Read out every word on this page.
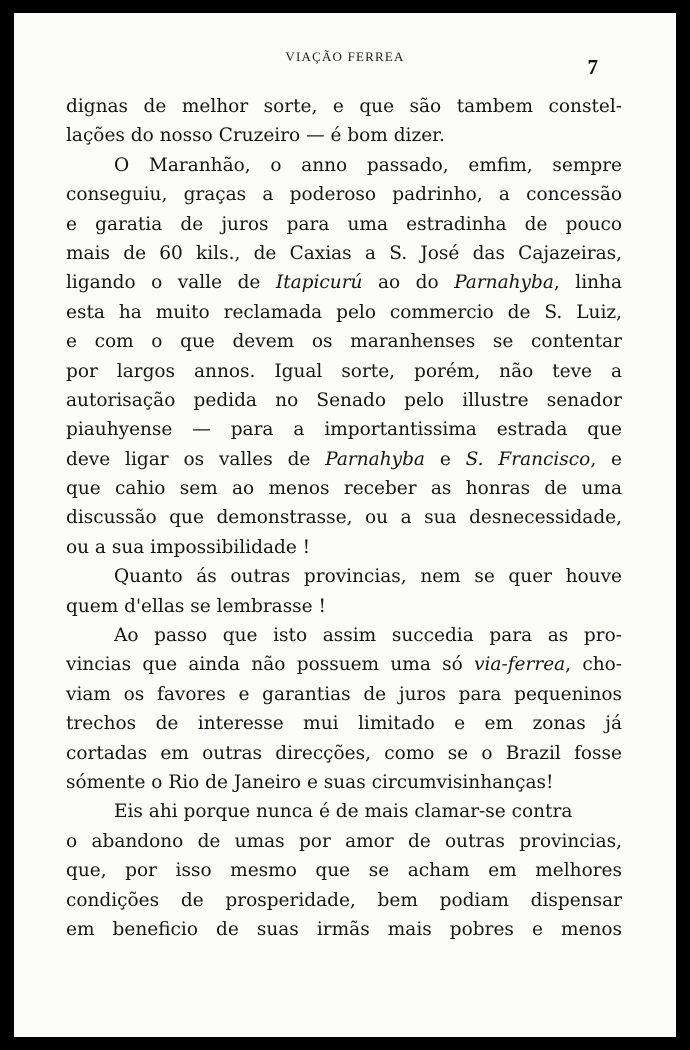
VIAÇÃO FERREA	7
dignas de melhor sorte, e que são tambem constel-
lações do nosso Cruzeiro — é bom dizer.
O Maranhão, o anno passado, emfim, sempre
conseguiu, graças a poderoso padrinho, a concessão
e garatia de juros para uma estradinha de pouco
mais de 60 kils., de Caxias a S. José das Cajazeiras,
ligando o valle de Itapicurú ao do Parnahyba, linha
esta ha muito reclamada pelo commercio de S. Luiz,
e com o que devem os maranhenses se contentar
por largos annos. Igual sorte, porém, não teve a
autorisação pedida no Senado pelo illustre senador
piauhyense — para a importantissima estrada que
deve ligar os valles de Parnahyba e S. Francisco, e
que cahio sem ao menos receber as honras de uma
discussão que demonstrasse, ou a sua desnecessidade,
ou a sua impossibilidade !
Quanto ás outras provincias, nem se quer houve
quem d'ellas se lembrasse !
Ao passo que isto assim succedia para as pro-
vincias que ainda não possuem uma só via-ferrea, cho-
viam os favores e garantias de juros para pequeninos
trechos de interesse mui limitado e em zonas já
cortadas em outras direcções, como se o Brazil fosse
sómente o Rio de Janeiro e suas circumvisinhanças!
Eis ahi porque nunca é de mais clamar-se contra
o abandono de umas por amor de outras provincias,
que, por isso mesmo que se acham em melhores
condições de prosperidade, bem podiam dispensar
em beneficio de suas irmãs mais pobres e menos
